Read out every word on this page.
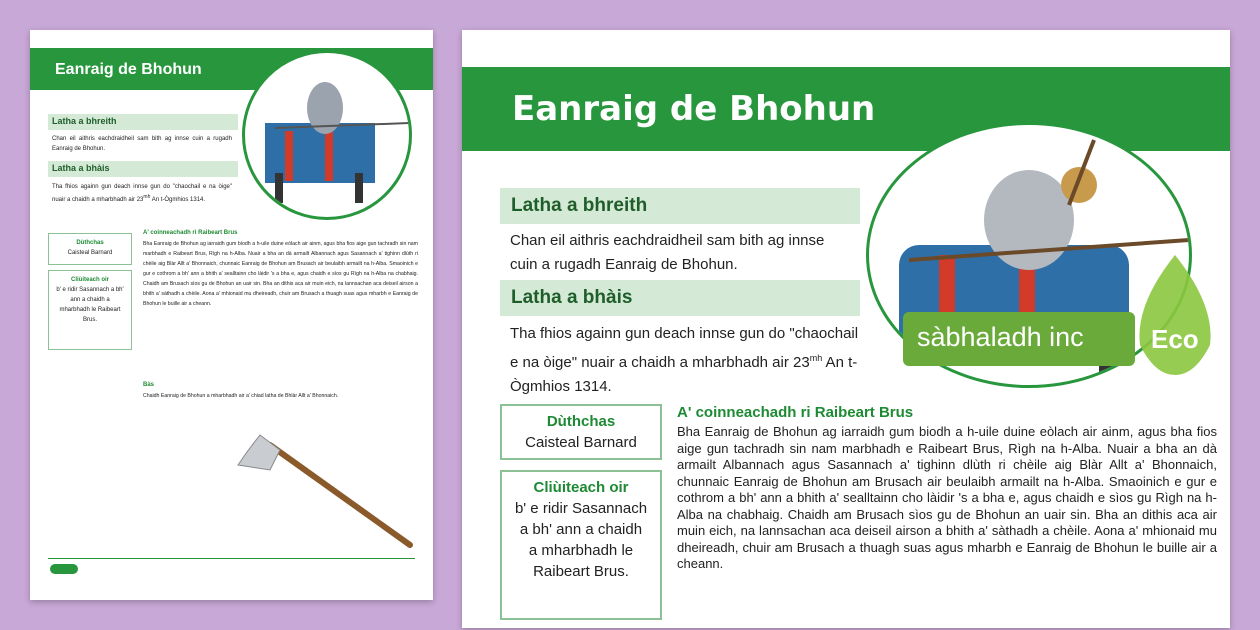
Eanraig de Bhohun
Latha a bhreith
Chan eil aithris eachdraidheil sam bith ag innse cuin a rugadh Eanraig de Bhohun.
Latha a bhàis
Tha fhios againn gun deach innse gun do "chaochail e na òige" nuair a chaidh a mharbhadh air $23^{mh}$ An t-Ògmhios 1314.
Dùthchas
Caisteal Barnard
Cliùiteach oir
b' e ridir Sasannach a bh' ann a chaidh a mharbhadh le Raibeart Brus.
A' coinneachadh ri Raibeart Brus
Bha Eanraig de Bhohun ag iarraidh gum biodh a h-uile duine eòlach air ainm, agus bha fios aige gun tachradh sin nam marbhadh e Raibeart Brus, Rìgh na h-Alba. Nuair a bha an dà armailt Albannach agus Sasannach a' tighinn dlùth ri chèile aig Blàr Allt a' Bhonnaich, chunnaic Eanraig de Bhohun am Brusach air beulaibh armailt na h-Alba. Smaoinich e gur e cothrom a bh' ann a bhith a' sealltainn cho làidir 's a bha e, agus chaidh e sìos gu Rìgh na h-Alba na chabhaig. Chaidh am Brusach sìos gu de Bhohun an uair sin. Bha an dithis aca air muin eich, na lannsachan aca deiseil airson a bhith a' sàthadh a chèile. Aona a' mhionaid mu dheireadh, chuir am Brusach a thuagh suas agus mharbh e Eanraig de Bhohun le buille air a cheann.
Bàs
Chaidh Eanraig de Bhohun a mharbhadh air a' chiad latha de Bhlàr Allt a' Bhonnaich.
Eanraig de Bhohun
Latha a bhreith
Chan eil aithris eachdraidheil sam bith ag innse cuin a rugadh Eanraig de Bhohun.
Latha a bhàis
Tha fhios againn gun deach innse gun do "chaochail e na òige" nuair a chaidh a mharbhadh air $23^{mh}$ An t-Ògmhios 1314.
Dùthchas
Caisteal Barnard
Cliùiteach oir
b' e ridir Sasannach a bh' ann a chaidh a mharbhadh le Raibeart Brus.
A' coinneachadh ri Raibeart Brus
Bha Eanraig de Bhohun ag iarraidh gum biodh a h-uile duine eòlach air ainm, agus bha fios aige gun tachradh sin nam marbhadh e Raibeart Brus, Rìgh na h-Alba. Nuair a bha an dà armailt Albannach agus Sasannach a' tighinn dlùth ri chèile aig Blàr Allt a' Bhonnaich, chunnaic Eanraig de Bhohun am Brusach air beulaibh armailt na h-Alba. Smaoinich e gur e cothrom a bh' ann a bhith a' sealltainn cho làidir 's a bha e, agus chaidh e sìos gu Rìgh na h-Alba na chabhaig. Chaidh am Brusach sìos gu de Bhohun an uair sin. Bha an dithis aca air muin eich, na lannsachan aca deiseil airson a bhith a' sàthadh a chèile. Aona a' mhionaid mu dheireadh, chuir am Brusach a thuagh suas agus mharbh e Eanraig de Bhohun le buille air a cheann.
sàbhaladh inc	Eco
